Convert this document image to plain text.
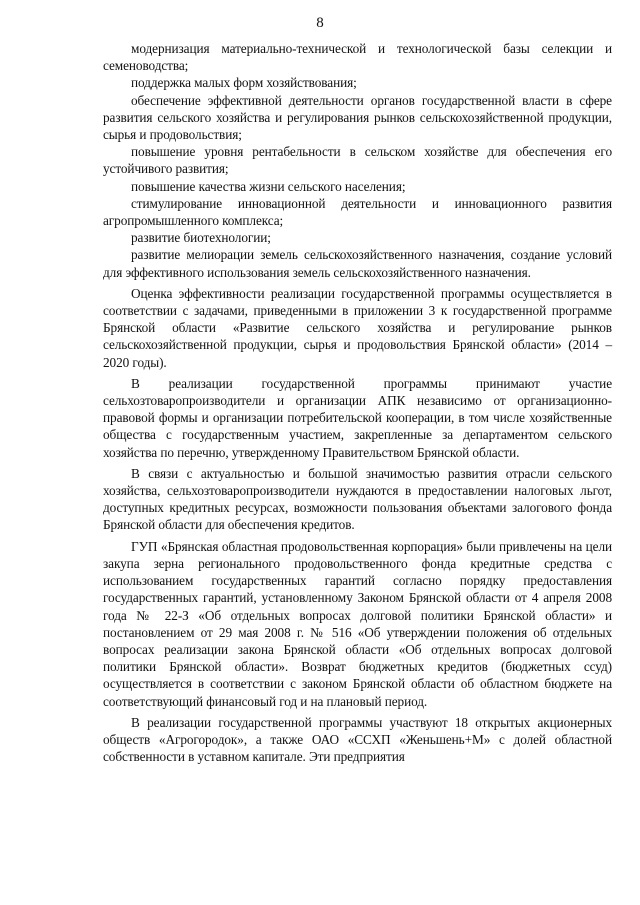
8

модернизация материально-технической и технологической базы селекции и семеноводства;

поддержка малых форм хозяйствования;

обеспечение эффективной деятельности органов государственной власти в сфере развития сельского хозяйства и регулирования рынков сельскохозяйственной продукции, сырья и продовольствия;

повышение уровня рентабельности в сельском хозяйстве для обеспечения его устойчивого развития;

повышение качества жизни сельского населения;

стимулирование инновационной деятельности и инновационного развития агропромышленного комплекса;

развитие биотехнологии;

развитие мелиорации земель сельскохозяйственного назначения, создание условий для эффективного использования земель сельскохозяйственного назначения.

Оценка эффективности реализации государственной программы осуществляется в соответствии с задачами, приведенными в приложении 3 к государственной программе Брянской области «Развитие сельского хозяйства и регулирование рынков сельскохозяйственной продукции, сырья и продовольствия Брянской области» (2014 – 2020 годы).

В реализации государственной программы принимают участие сельхозтоваропроизводители и организации АПК независимо от организационно-правовой формы и организации потребительской кооперации, в том числе хозяйственные общества с государственным участием, закрепленные за департаментом сельского хозяйства по перечню, утвержденному Правительством Брянской области.

В связи с актуальностью и большой значимостью развития отрасли сельского хозяйства, сельхозтоваропроизводители нуждаются в предоставлении налоговых льгот, доступных кредитных ресурсах, возможности пользования объектами залогового фонда Брянской области для обеспечения кредитов.

ГУП «Брянская областная продовольственная корпорация» были привлечены на цели закупа зерна регионального продовольственного фонда кредитные средства с использованием государственных гарантий согласно порядку предоставления государственных гарантий, установленному Законом Брянской области от 4 апреля 2008 года № 22-З «Об отдельных вопросах долговой политики Брянской области» и постановлением от 29 мая 2008 г. № 516 «Об утверждении положения об отдельных вопросах реализации закона Брянской области «Об отдельных вопросах долговой политики Брянской области». Возврат бюджетных кредитов (бюджетных ссуд) осуществляется в соответствии с законом Брянской области об областном бюджете на соответствующий финансовый год и на плановый период.

В реализации государственной программы участвуют 18 открытых акционерных обществ «Агрогородок», а также ОАО «ССХП «Женьшень+М» с долей областной собственности в уставном капитале. Эти предприятия
